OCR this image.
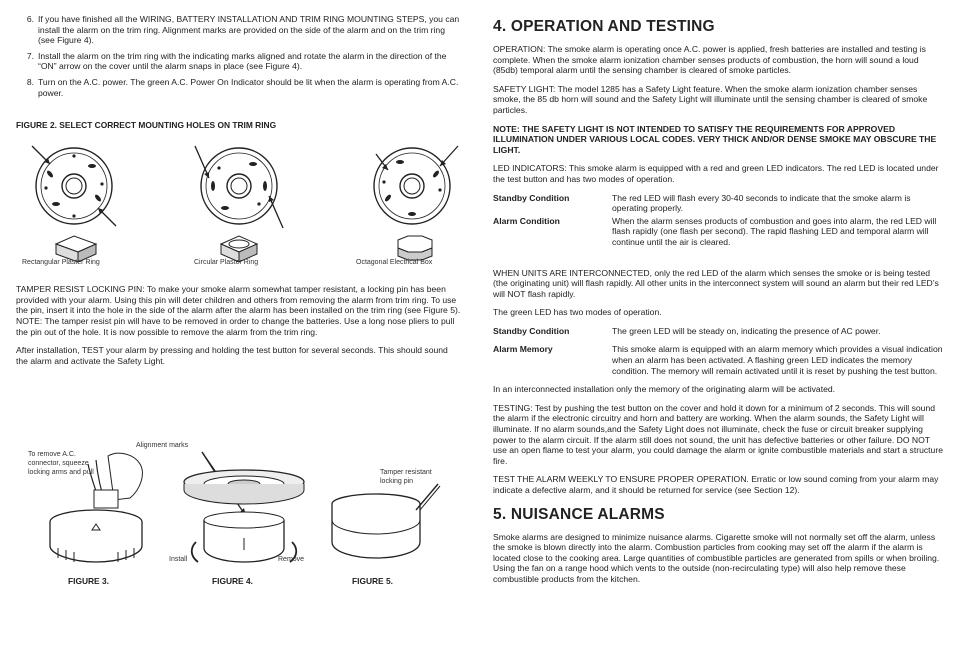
6. If you have finished all the WIRING, BATTERY INSTALLATION AND TRIM RING MOUNTING STEPS, you can install the alarm on the trim ring. Alignment marks are provided on the side of the alarm and on the trim ring (see Figure 4).
7. Install the alarm on the trim ring with the indicating marks aligned and rotate the alarm in the direction of the “ON” arrow on the cover until the alarm snaps in place (see Figure 4).
8. Turn on the A.C. power. The green A.C. Power On Indicator should be lit when the alarm is operating from A.C. power.
FIGURE 2. SELECT CORRECT MOUNTING HOLES ON TRIM RING
Rectangular Plaster Ring	Circular Plaster Ring	Octagonal Electrical Box

TAMPER RESIST LOCKING PIN: To make your smoke alarm somewhat tamper resistant, a locking pin has been provided with your alarm. Using this pin will deter children and others from removing the alarm from trim ring. To use the pin, insert it into the hole in the side of the alarm after the alarm has been installed on the trim ring (see Figure 5). NOTE: The tamper resist pin will have to be removed in order to change the batteries. Use a long nose pliers to pull the pin out of the hole. It is now possible to remove the alarm from the trim ring.

After installation, TEST your alarm by pressing and holding the test button for several seconds. This should sound the alarm and activate the Safety Light.

To remove A.C. connector, squeeze locking arms and pull
Alignment marks
Install	Remove
Tamper resistant locking pin
FIGURE 3.	FIGURE 4.	FIGURE 5.
4. OPERATION AND TESTING

OPERATION: The smoke alarm is operating once A.C. power is applied, fresh batteries are installed and testing is complete. When the smoke alarm ionization chamber senses products of combustion, the horn will sound a loud (85db) temporal alarm until the sensing chamber is cleared of smoke particles.

SAFETY LIGHT: The model 1285 has a Safety Light feature. When the smoke alarm ionization chamber senses smoke, the 85 db horn will sound and the Safety Light will illuminate until the sensing chamber is cleared of smoke particles.

NOTE: THE SAFETY LIGHT IS NOT INTENDED TO SATISFY THE REQUIREMENTS FOR APPROVED ILLUMINATION UNDER VARIOUS LOCAL CODES. VERY THICK AND/OR DENSE SMOKE MAY OBSCURE THE LIGHT.

LED INDICATORS: This smoke alarm is equipped with a red and green LED indicators. The red LED is located under the test button and has two modes of operation.

Standby Condition	The red LED will flash every 30-40 seconds to indicate that the smoke alarm is operating properly.
Alarm Condition	When the alarm senses products of combustion and goes into alarm, the red LED will flash rapidly (one flash per second). The rapid flashing LED and temporal alarm will continue until the air is cleared.

WHEN UNITS ARE INTERCONNECTED, only the red LED of the alarm which senses the smoke or is being tested (the originating unit) will flash rapidly. All other units in the interconnect system will sound an alarm but their red LED’s will NOT flash rapidly.

The green LED has two modes of operation.

Standby Condition	The green LED will be steady on, indicating the presence of AC power.
Alarm Memory	This smoke alarm is equipped with an alarm memory which provides a visual indication when an alarm has been activated. A flashing green LED indicates the memory condition. The memory will remain activated until it is reset by pushing the test button.

In an interconnected installation only the memory of the originating alarm will be activated.

TESTING: Test by pushing the test button on the cover and hold it down for a minimum of 2 seconds. This will sound the alarm if the electronic circuitry and horn and battery are working. When the alarm sounds, the Safety Light will illuminate. If no alarm sounds,and the Safety Light does not illuminate, check the fuse or circuit breaker supplying power to the alarm circuit. If the alarm still does not sound, the unit has defective batteries or other failure. DO NOT use an open flame to test your alarm, you could damage the alarm or ignite combustible materials and start a structure fire.

TEST THE ALARM WEEKLY TO ENSURE PROPER OPERATION. Erratic or low sound coming from your alarm may indicate a defective alarm, and it should be returned for service (see Section 12).

5. NUISANCE ALARMS

Smoke alarms are designed to minimize nuisance alarms. Cigarette smoke will not normally set off the alarm, unless the smoke is blown directly into the alarm. Combustion particles from cooking may set off the alarm if the alarm is located close to the cooking area. Large quantities of combustible particles are generated from spills or when broiling. Using the fan on a range hood which vents to the outside (non-recirculating type) will also help remove these combustible products from the kitchen.
